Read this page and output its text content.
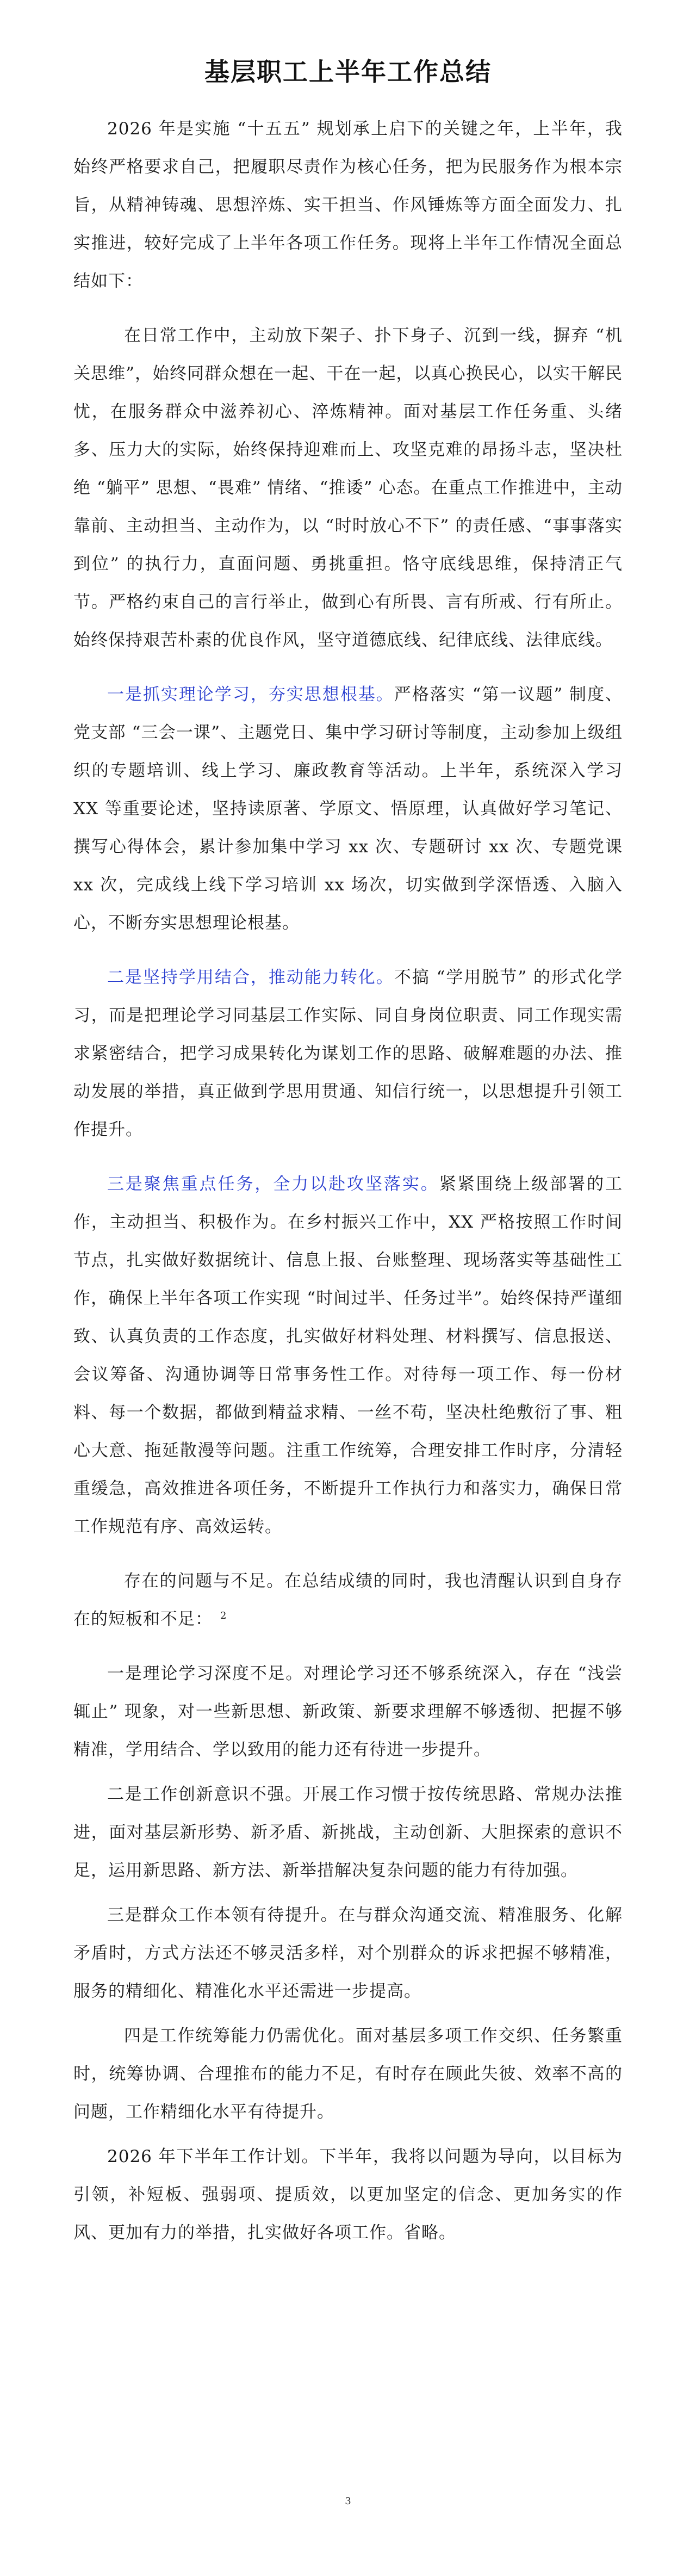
基层职工上半年工作总结

2026 年是实施 “十五五” 规划承上启下的关键之年，上半年，我始终严格要求自己，把履职尽责作为核心任务，把为民服务作为根本宗旨，从精神铸魂、思想淬炼、实干担当、作风锤炼等方面全面发力、扎实推进，较好完成了上半年各项工作任务。现将上半年工作情况全面总结如下：

在日常工作中，主动放下架子、扑下身子、沉到一线，摒弃 “机关思维”，始终同群众想在一起、干在一起，以真心换民心，以实干解民忧，在服务群众中滋养初心、淬炼精神。面对基层工作任务重、头绪多、压力大的实际，始终保持迎难而上、攻坚克难的昂扬斗志，坚决杜绝 “躺平” 思想、“畏难” 情绪、“推诿” 心态。在重点工作推进中，主动靠前、主动担当、主动作为，以 “时时放心不下” 的责任感、“事事落实到位” 的执行力，直面问题、勇挑重担。恪守底线思维，保持清正气节。严格约束自己的言行举止，做到心有所畏、言有所戒、行有所止。始终保持艰苦朴素的优良作风，坚守道德底线、纪律底线、法律底线。

一是抓实理论学习，夯实思想根基。严格落实 “第一议题” 制度、党支部 “三会一课”、主题党日、集中学习研讨等制度，主动参加上级组织的专题培训、线上学习、廉政教育等活动。上半年，系统深入学习 XX 等重要论述，坚持读原著、学原文、悟原理，认真做好学习笔记、撰写心得体会，累计参加集中学习 xx 次、专题研讨 xx 次、专题党课 xx 次，完成线上线下学习培训 xx 场次，切实做到学深悟透、入脑入心，不断夯实思想理论根基。

二是坚持学用结合，推动能力转化。不搞 “学用脱节” 的形式化学习，而是把理论学习同基层工作实际、同自身岗位职责、同工作现实需求紧密结合，把学习成果转化为谋划工作的思路、破解难题的办法、推动发展的举措，真正做到学思用贯通、知信行统一，以思想提升引领工作提升。

三是聚焦重点任务，全力以赴攻坚落实。紧紧围绕上级部署的工作，主动担当、积极作为。在乡村振兴工作中，XX 严格按照工作时间节点，扎实做好数据统计、信息上报、台账整理、现场落实等基础性工作，确保上半年各项工作实现 “时间过半、任务过半”。始终保持严谨细致、认真负责的工作态度，扎实做好材料处理、材料撰写、信息报送、会议筹备、沟通协调等日常事务性工作。对待每一项工作、每一份材料、每一个数据，都做到精益求精、一丝不苟，坚决杜绝敷衍了事、粗心大意、拖延散漫等问题。注重工作统筹，合理安排工作时序，分清轻重缓急，高效推进各项任务，不断提升工作执行力和落实力，确保日常工作规范有序、高效运转。

存在的问题与不足。在总结成绩的同时，我也清醒认识到自身存在的短板和不足： $^2$

一是理论学习深度不足。对理论学习还不够系统深入，存在 “浅尝辄止” 现象，对一些新思想、新政策、新要求理解不够透彻、把握不够精准，学用结合、学以致用的能力还有待进一步提升。

二是工作创新意识不强。开展工作习惯于按传统思路、常规办法推进，面对基层新形势、新矛盾、新挑战，主动创新、大胆探索的意识不足，运用新思路、新方法、新举措解决复杂问题的能力有待加强。

三是群众工作本领有待提升。在与群众沟通交流、精准服务、化解矛盾时，方式方法还不够灵活多样，对个别群众的诉求把握不够精准，服务的精细化、精准化水平还需进一步提高。

四是工作统筹能力仍需优化。面对基层多项工作交织、任务繁重时，统筹协调、合理推布的能力不足，有时存在顾此失彼、效率不高的问题，工作精细化水平有待提升。

2026 年下半年工作计划。下半年，我将以问题为导向，以目标为引领，补短板、强弱项、提质效，以更加坚定的信念、更加务实的作风、更加有力的举措，扎实做好各项工作。省略。

3
